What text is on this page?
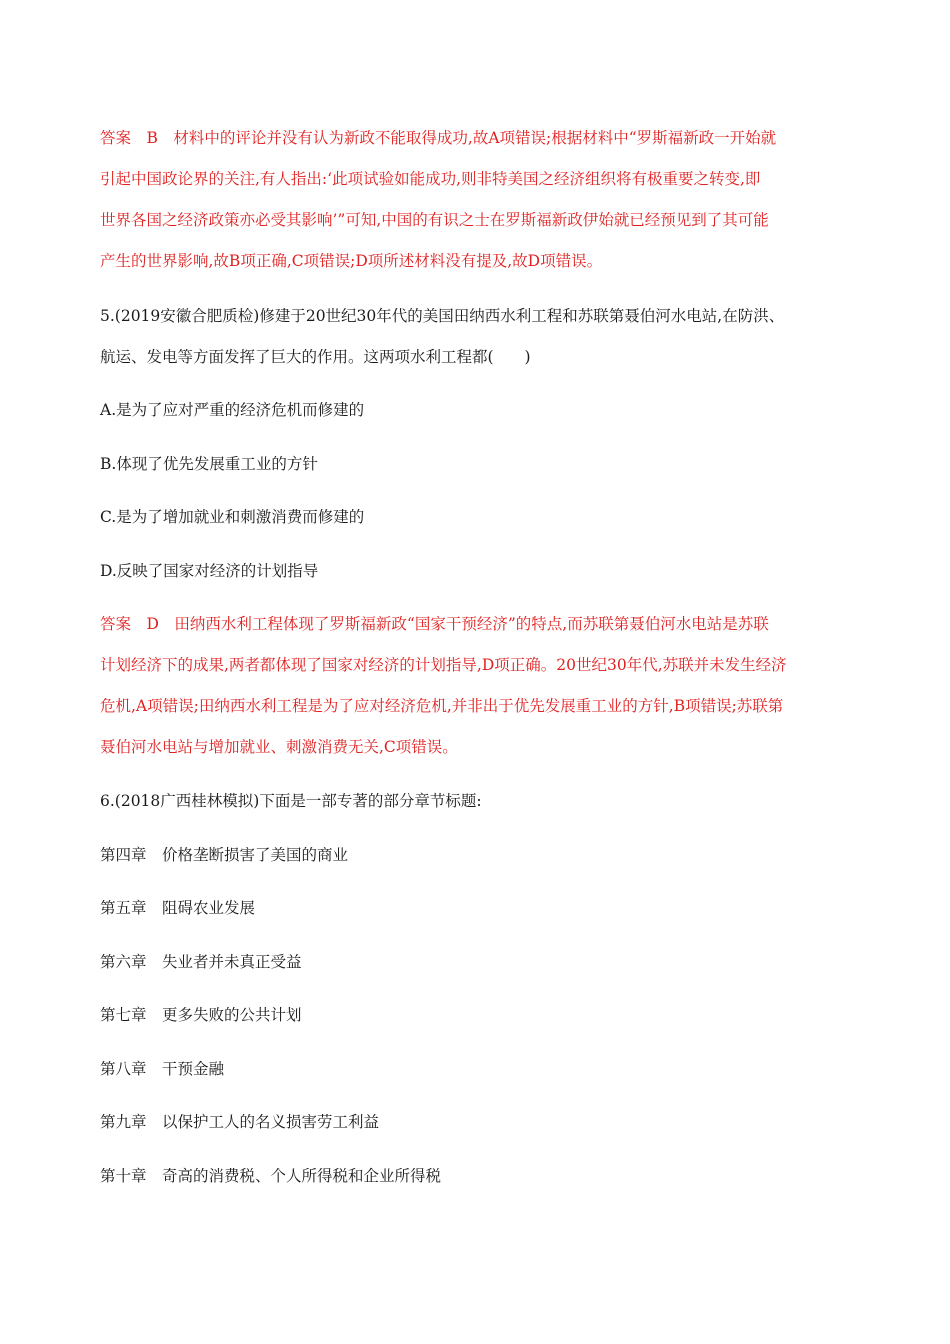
答案　B　材料中的评论并没有认为新政不能取得成功,故A项错误;根据材料中“罗斯福新政一开始就
引起中国政论界的关注,有人指出:‘此项试验如能成功,则非特美国之经济组织将有极重要之转变,即
世界各国之经济政策亦必受其影响’”可知,中国的有识之士在罗斯福新政伊始就已经预见到了其可能
产生的世界影响,故B项正确,C项错误;D项所述材料没有提及,故D项错误。
5.(2019安徽合肥质检)修建于20世纪30年代的美国田纳西水利工程和苏联第聂伯河水电站,在防洪、
航运、发电等方面发挥了巨大的作用。这两项水利工程都(　　)
A.是为了应对严重的经济危机而修建的
B.体现了优先发展重工业的方针
C.是为了增加就业和刺激消费而修建的
D.反映了国家对经济的计划指导
答案　D　田纳西水利工程体现了罗斯福新政“国家干预经济”的特点,而苏联第聂伯河水电站是苏联
计划经济下的成果,两者都体现了国家对经济的计划指导,D项正确。20世纪30年代,苏联并未发生经济
危机,A项错误;田纳西水利工程是为了应对经济危机,并非出于优先发展重工业的方针,B项错误;苏联第
聂伯河水电站与增加就业、刺激消费无关,C项错误。
6.(2018广西桂林模拟)下面是一部专著的部分章节标题:
第四章　价格垄断损害了美国的商业
第五章　阻碍农业发展
第六章　失业者并未真正受益
第七章　更多失败的公共计划
第八章　干预金融
第九章　以保护工人的名义损害劳工利益
第十章　奇高的消费税、个人所得税和企业所得税
